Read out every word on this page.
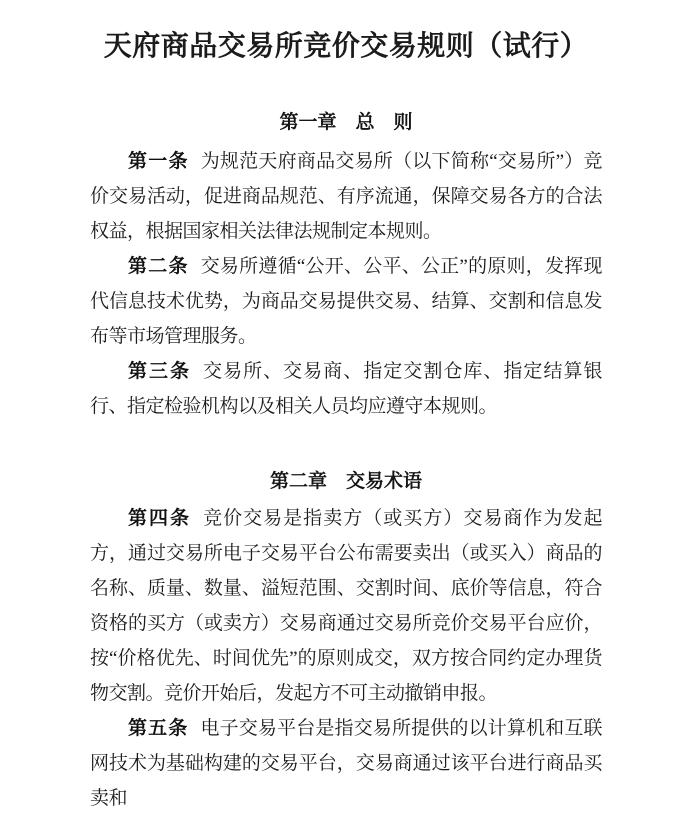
天府商品交易所竞价交易规则（试行）
第一章　总　则

第一条 为规范天府商品交易所（以下简称“交易所”）竞价交易活动，促进商品规范、有序流通，保障交易各方的合法权益，根据国家相关法律法规制定本规则。

第二条 交易所遵循“公开、公平、公正”的原则，发挥现代信息技术优势，为商品交易提供交易、结算、交割和信息发布等市场管理服务。

第三条 交易所、交易商、指定交割仓库、指定结算银行、指定检验机构以及相关人员均应遵守本规则。

第二章　交易术语

第四条 竞价交易是指卖方（或买方）交易商作为发起方，通过交易所电子交易平台公布需要卖出（或买入）商品的名称、质量、数量、溢短范围、交割时间、底价等信息，符合资格的买方（或卖方）交易商通过交易所竞价交易平台应价，按“价格优先、时间优先”的原则成交，双方按合同约定办理货物交割。竞价开始后，发起方不可主动撤销申报。

第五条 电子交易平台是指交易所提供的以计算机和互联网技术为基础构建的交易平台，交易商通过该平台进行商品买卖和
